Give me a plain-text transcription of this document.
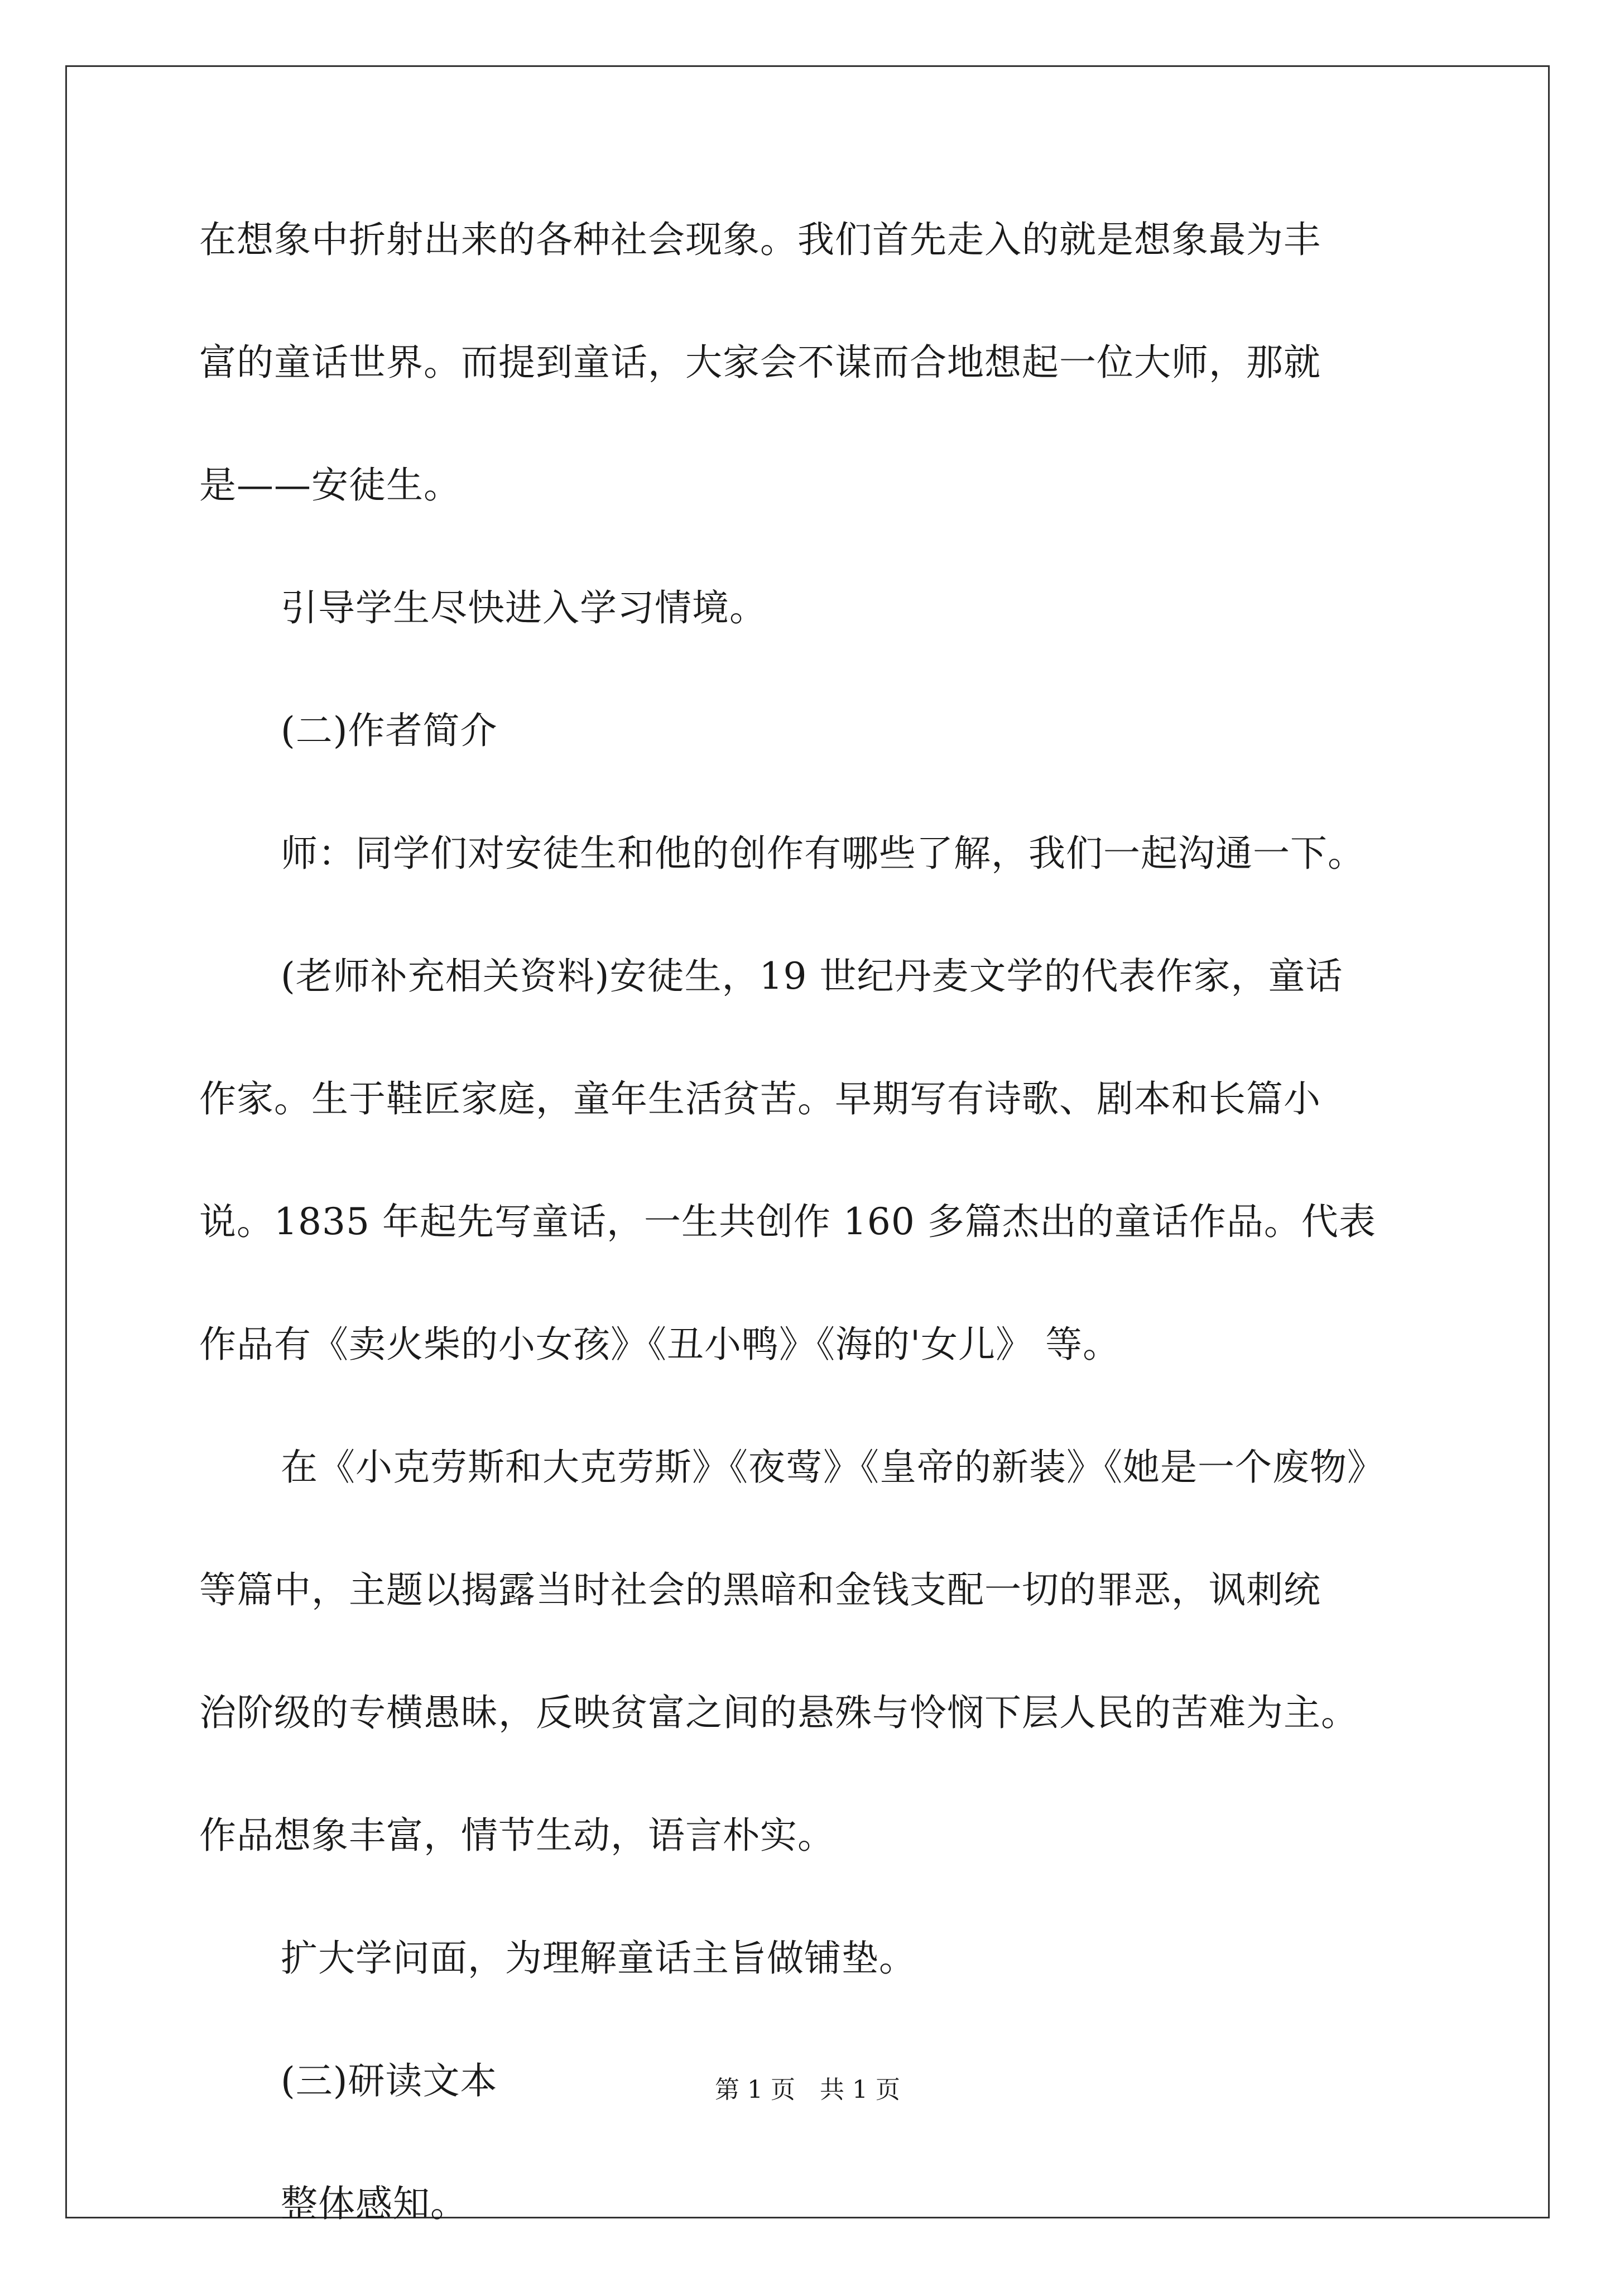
在想象中折射出来的各种社会现象。我们首先走入的就是想象最为丰

富的童话世界。而提到童话，大家会不谋而合地想起一位大师，那就

是——安徒生。

引导学生尽快进入学习情境。

(二)作者简介

师：同学们对安徒生和他的创作有哪些了解，我们一起沟通一下。

(老师补充相关资料)安徒生，19 世纪丹麦文学的代表作家，童话

作家。生于鞋匠家庭，童年生活贫苦。早期写有诗歌、剧本和长篇小

说。1835 年起先写童话，一生共创作 160 多篇杰出的童话作品。代表

作品有《卖火柴的小女孩》《丑小鸭》《海的'女儿》 等。

在《小克劳斯和大克劳斯》《夜莺》《皇帝的新装》《她是一个废物》

等篇中，主题以揭露当时社会的黑暗和金钱支配一切的罪恶，讽刺统

治阶级的专横愚昧，反映贫富之间的悬殊与怜悯下层人民的苦难为主。

作品想象丰富，情节生动，语言朴实。

扩大学问面，为理解童话主旨做铺垫。

(三)研读文本

整体感知。

第 1 页　共 1 页
